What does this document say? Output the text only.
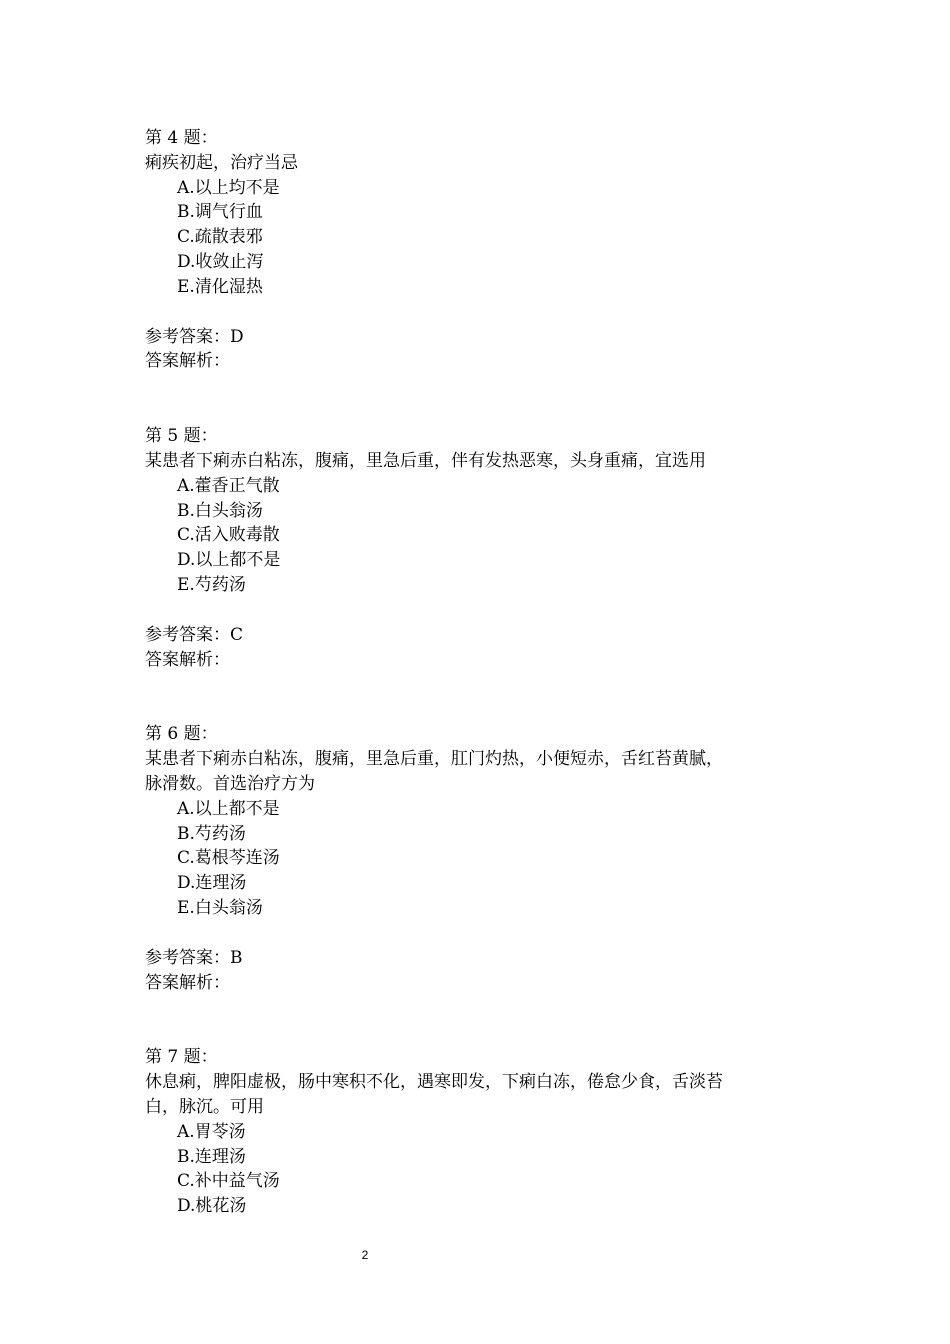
第 4 题：
痢疾初起，治疗当忌
A.以上均不是
B.调气行血
C.疏散表邪
D.收敛止泻
E.清化湿热
参考答案：D
答案解析：
第 5 题：
某患者下痢赤白粘冻，腹痛，里急后重，伴有发热恶寒，头身重痛，宜选用
A.藿香正气散
B.白头翁汤
C.活入败毒散
D.以上都不是
E.芍药汤
参考答案：C
答案解析：
第 6 题：
某患者下痢赤白粘冻，腹痛，里急后重，肛门灼热，小便短赤，舌红苔黄腻，
脉滑数。首选治疗方为
A.以上都不是
B.芍药汤
C.葛根芩连汤
D.连理汤
E.白头翁汤
参考答案：B
答案解析：
第 7 题：
休息痢，脾阳虚极，肠中寒积不化，遇寒即发，下痢白冻，倦怠少食，舌淡苔
白，脉沉。可用
A.胃苓汤
B.连理汤
C.补中益气汤
D.桃花汤
2
